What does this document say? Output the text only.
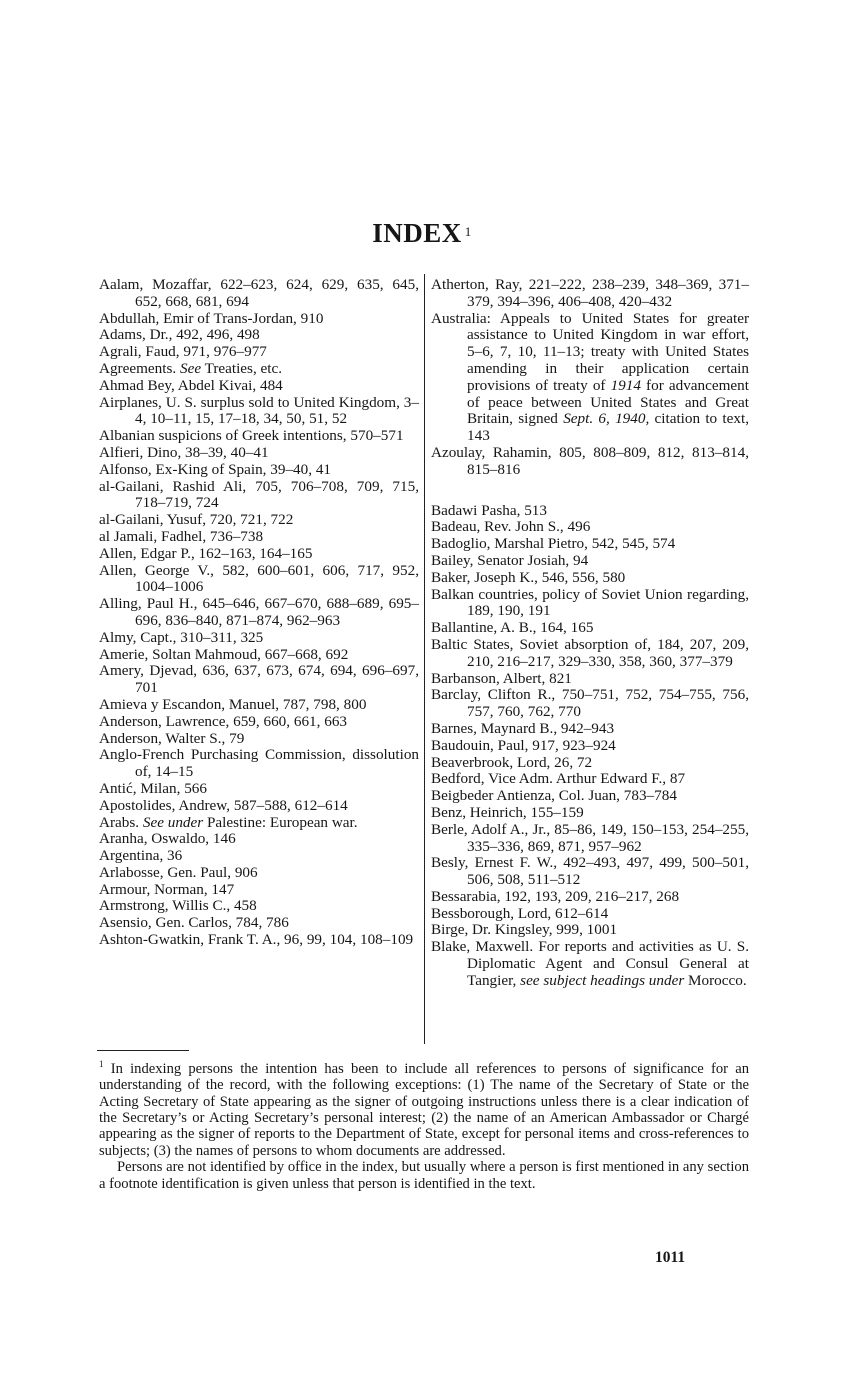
INDEX $^1$
Aalam, Mozaffar, 622–623, 624, 629, 635, 645, 652, 668, 681, 694
Abdullah, Emir of Trans-Jordan, 910
Adams, Dr., 492, 496, 498
Agrali, Faud, 971, 976–977
Agreements. See Treaties, etc.
Ahmad Bey, Abdel Kivai, 484
Airplanes, U. S. surplus sold to United Kingdom, 3–4, 10–11, 15, 17–18, 34, 50, 51, 52
Albanian suspicions of Greek intentions, 570–571
Alfieri, Dino, 38–39, 40–41
Alfonso, Ex-King of Spain, 39–40, 41
al-Gailani, Rashid Ali, 705, 706–708, 709, 715, 718–719, 724
al-Gailani, Yusuf, 720, 721, 722
al Jamali, Fadhel, 736–738
Allen, Edgar P., 162–163, 164–165
Allen, George V., 582, 600–601, 606, 717, 952, 1004–1006
Alling, Paul H., 645–646, 667–670, 688–689, 695–696, 836–840, 871–874, 962–963
Almy, Capt., 310–311, 325
Amerie, Soltan Mahmoud, 667–668, 692
Amery, Djevad, 636, 637, 673, 674, 694, 696–697, 701
Amieva y Escandon, Manuel, 787, 798, 800
Anderson, Lawrence, 659, 660, 661, 663
Anderson, Walter S., 79
Anglo-French Purchasing Commission, dissolution of, 14–15
Antić, Milan, 566
Apostolides, Andrew, 587–588, 612–614
Arabs. See under Palestine: European war.
Aranha, Oswaldo, 146
Argentina, 36
Arlabosse, Gen. Paul, 906
Armour, Norman, 147
Armstrong, Willis C., 458
Asensio, Gen. Carlos, 784, 786
Ashton-Gwatkin, Frank T. A., 96, 99, 104, 108–109
Atherton, Ray, 221–222, 238–239, 348–369, 371–379, 394–396, 406–408, 420–432
Australia: Appeals to United States for greater assistance to United Kingdom in war effort, 5–6, 7, 10, 11–13; treaty with United States amending in their application certain provisions of treaty of 1914 for advancement of peace between United States and Great Britain, signed Sept. 6, 1940, citation to text, 143
Azoulay, Rahamin, 805, 808–809, 812, 813–814, 815–816
Badawi Pasha, 513
Badeau, Rev. John S., 496
Badoglio, Marshal Pietro, 542, 545, 574
Bailey, Senator Josiah, 94
Baker, Joseph K., 546, 556, 580
Balkan countries, policy of Soviet Union regarding, 189, 190, 191
Ballantine, A. B., 164, 165
Baltic States, Soviet absorption of, 184, 207, 209, 210, 216–217, 329–330, 358, 360, 377–379
Barbanson, Albert, 821
Barclay, Clifton R., 750–751, 752, 754–755, 756, 757, 760, 762, 770
Barnes, Maynard B., 942–943
Baudouin, Paul, 917, 923–924
Beaverbrook, Lord, 26, 72
Bedford, Vice Adm. Arthur Edward F., 87
Beigbeder Antienza, Col. Juan, 783–784
Benz, Heinrich, 155–159
Berle, Adolf A., Jr., 85–86, 149, 150–153, 254–255, 335–336, 869, 871, 957–962
Besly, Ernest F. W., 492–493, 497, 499, 500–501, 506, 508, 511–512
Bessarabia, 192, 193, 209, 216–217, 268
Bessborough, Lord, 612–614
Birge, Dr. Kingsley, 999, 1001
Blake, Maxwell. For reports and activities as U. S. Diplomatic Agent and Consul General at Tangier, see subject headings under Morocco.

$^1$ In indexing persons the intention has been to include all references to persons of significance for an understanding of the record, with the following exceptions: (1) The name of the Secretary of State or the Acting Secretary of State appearing as the signer of outgoing instructions unless there is a clear indication of the Secretary’s or Acting Secretary’s personal interest; (2) the name of an American Ambassador or Chargé appearing as the signer of reports to the Department of State, except for personal items and cross-references to subjects; (3) the names of persons to whom documents are addressed.

Persons are not identified by office in the index, but usually where a person is first mentioned in any section a footnote identification is given unless that person is identified in the text.

1011
